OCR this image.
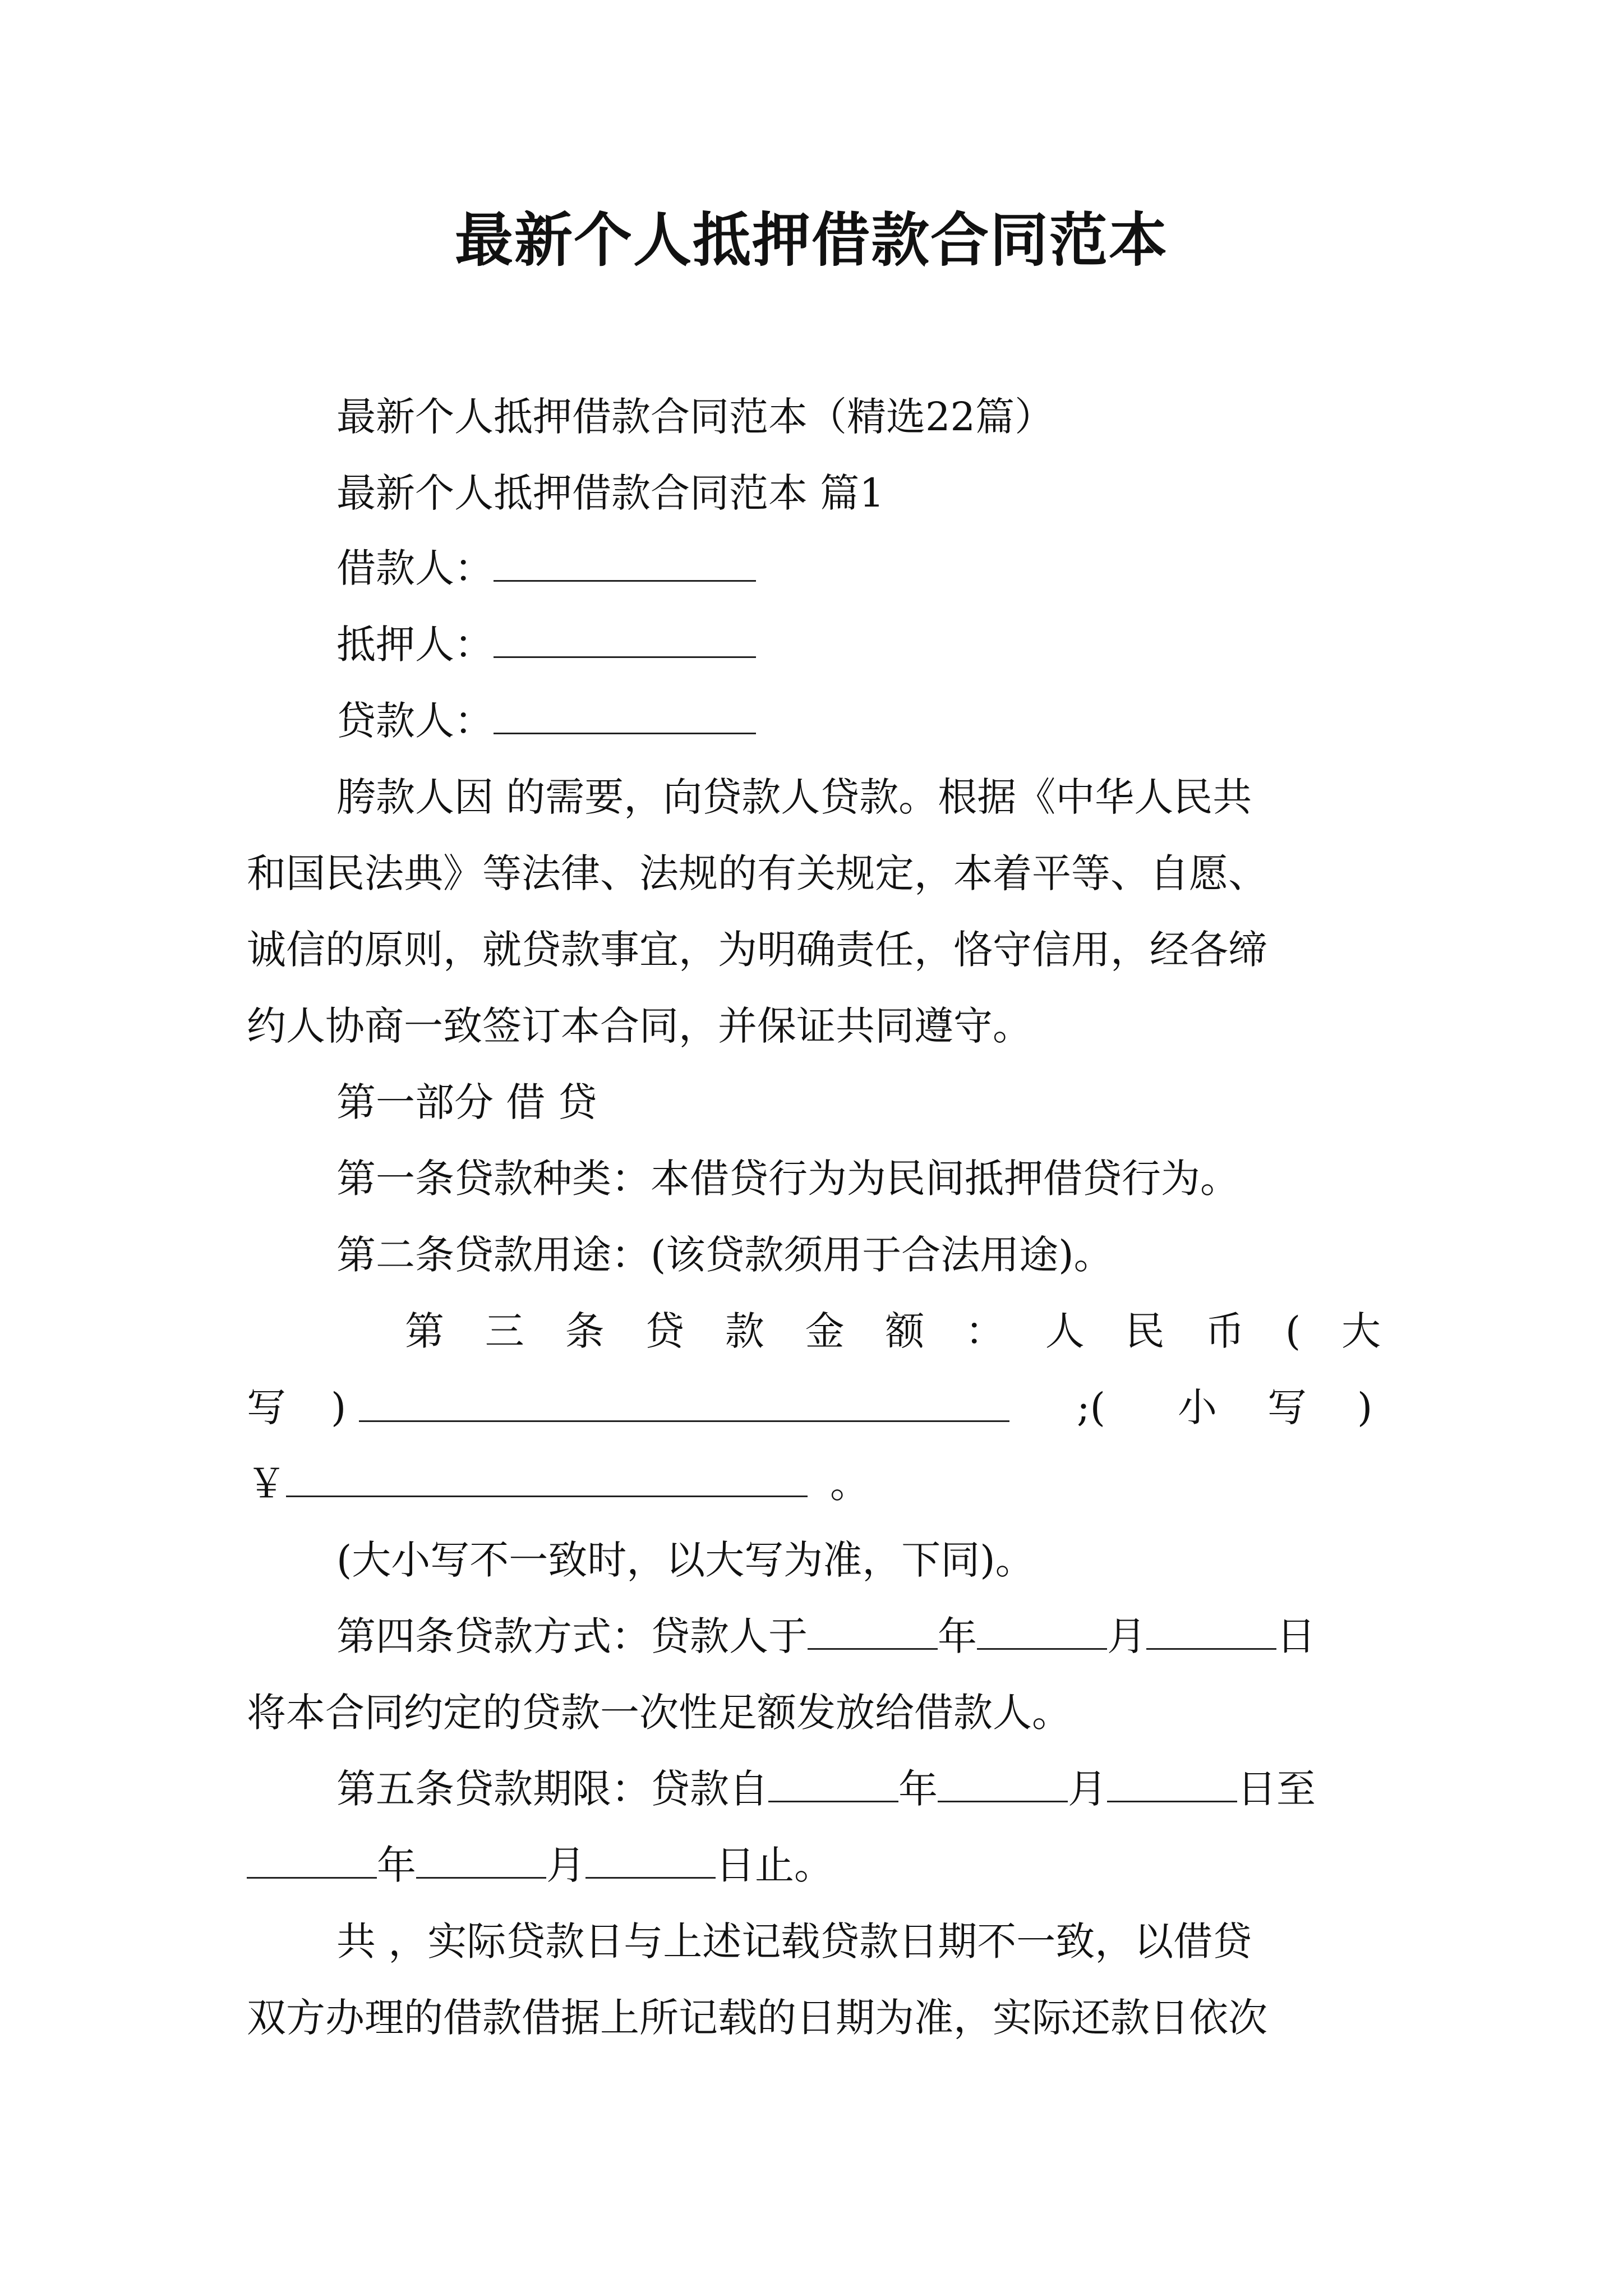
最新个人抵押借款合同范本
最新个人抵押借款合同范本（精选22篇）
最新个人抵押借款合同范本 篇1
借款人：
抵押人：
贷款人：
胯款人因 的需要，向贷款人贷款。根据《中华人民共
和国民法典》等法律、法规的有关规定，本着平等、自愿、
诚信的原则，就贷款事宜，为明确责任，恪守信用，经各缔
约人协商一致签订本合同，并保证共同遵守。
第一部分 借 贷
第一条贷款种类：本借贷行为为民间抵押借贷行为。
第二条贷款用途：(该贷款须用于合法用途)。
第 三 条 贷 款 金 额 ： 人 民 币 ( 大
写 )	;( 小 写 )
￥	。
(大小写不一致时，以大写为准，下同)。
第四条贷款方式：贷款人于	年	月	日
将本合同约定的贷款一次性足额发放给借款人。
第五条贷款期限：贷款自	年	月	日至
年	月	日止。
共 ，实际贷款日与上述记载贷款日期不一致，以借贷
双方办理的借款借据上所记载的日期为准，实际还款日依次
